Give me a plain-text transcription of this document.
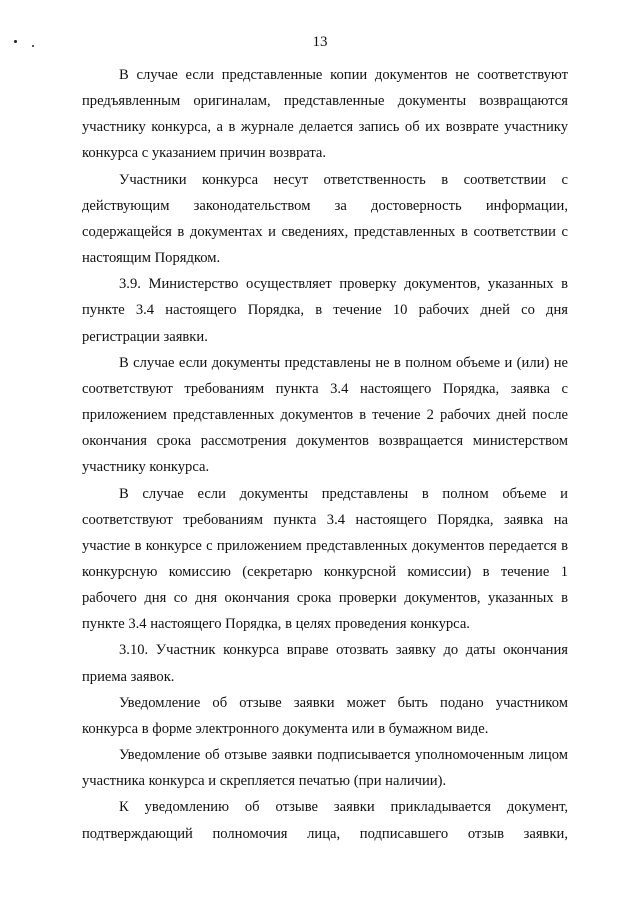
13

В случае если представленные копии документов не соответствуют предъявленным оригиналам, представленные документы возвращаются участнику конкурса, а в журнале делается запись об их возврате участнику конкурса с указанием причин возврата.

Участники конкурса несут ответственность в соответствии с действующим законодательством за достоверность информации, содержащейся в документах и сведениях, представленных в соответствии с настоящим Порядком.

3.9. Министерство осуществляет проверку документов, указанных в пункте 3.4 настоящего Порядка, в течение 10 рабочих дней со дня регистрации заявки.

В случае если документы представлены не в полном объеме и (или) не соответствуют требованиям пункта 3.4 настоящего Порядка, заявка с приложением представленных документов в течение 2 рабочих дней после окончания срока рассмотрения документов возвращается министерством участнику конкурса.

В случае если документы представлены в полном объеме и соответствуют требованиям пункта 3.4 настоящего Порядка, заявка на участие в конкурсе с приложением представленных документов передается в конкурсную комиссию (секретарю конкурсной комиссии) в течение 1 рабочего дня со дня окончания срока проверки документов, указанных в пункте 3.4 настоящего Порядка, в целях проведения конкурса.

3.10. Участник конкурса вправе отозвать заявку до даты окончания приема заявок.

Уведомление об отзыве заявки может быть подано участником конкурса в форме электронного документа или в бумажном виде.

Уведомление об отзыве заявки подписывается уполномоченным лицом участника конкурса и скрепляется печатью (при наличии).

К уведомлению об отзыве заявки прикладывается документ, подтверждающий полномочия лица, подписавшего отзыв заявки,
